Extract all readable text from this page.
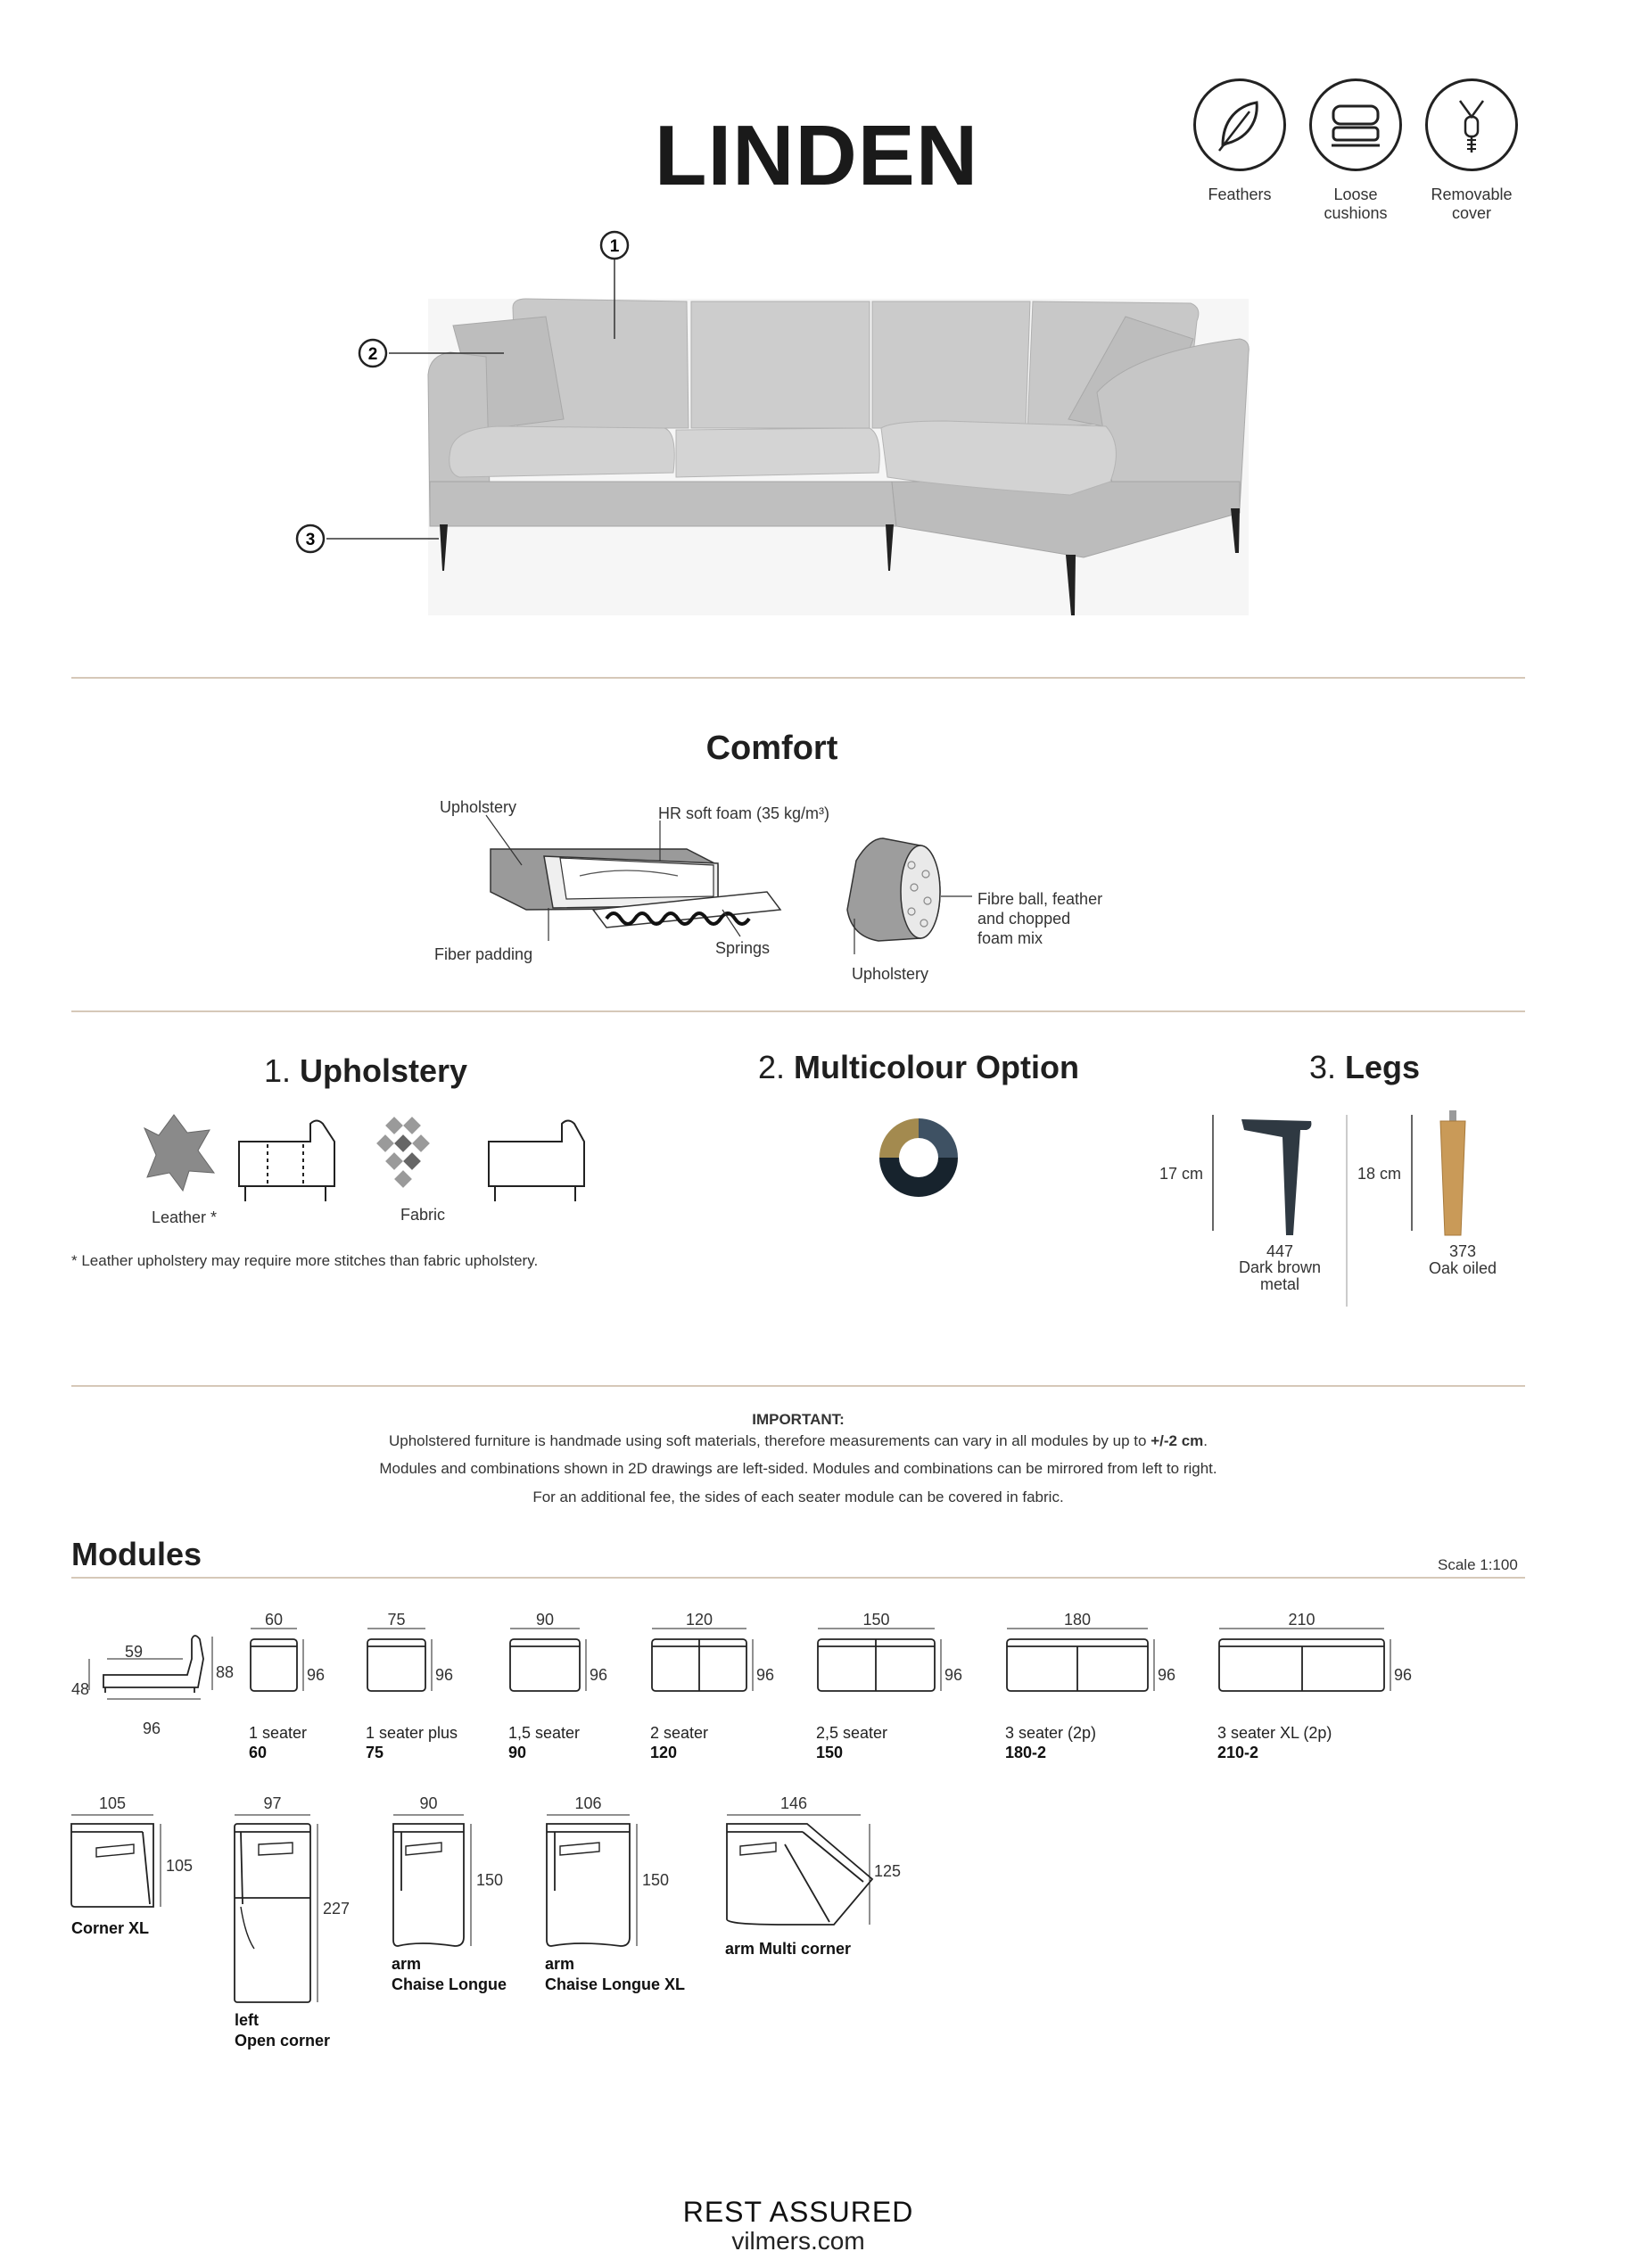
LINDEN	Feathers	Loose
cushions
Removable
cover
1
2
3
Comfort
Upholstery	HR soft foam (35 kg/m³)
Fiber padding	Springs
Fibre ball, feather
and chopped
foam mix
Upholstery
1. Upholstery
Leather *	Fabric
* Leather upholstery may require more stitches than fabric upholstery.
2. Multicolour Option	3. Legs
17 cm	18 cm
447
Dark brown
metal
373
Oak oiled
IMPORTANT:
Upholstered furniture is handmade using soft materials, therefore measurements can vary in all modules by up to +/-2 cm.
Modules and combinations shown in 2D drawings are left-sided. Modules and combinations can be mirrored from left to right.
For an additional fee, the sides of each seater module can be covered in fabric.
Modules	Scale 1:100
59
48
88
96
60
96
1 seater
60
75
96
1 seater plus
75
90
96
1,5 seater
90
120
96
2 seater
120
150
96
2,5 seater
150
180
96
3 seater (2p)
180-2
210
96
3 seater XL (2p)
210-2
105
105
Corner XL
97
227
left
Open corner
90
150
arm
Chaise Longue
106
150
arm
Chaise Longue XL
146
125
arm Multi corner
REST ASSURED
vilmers.com
